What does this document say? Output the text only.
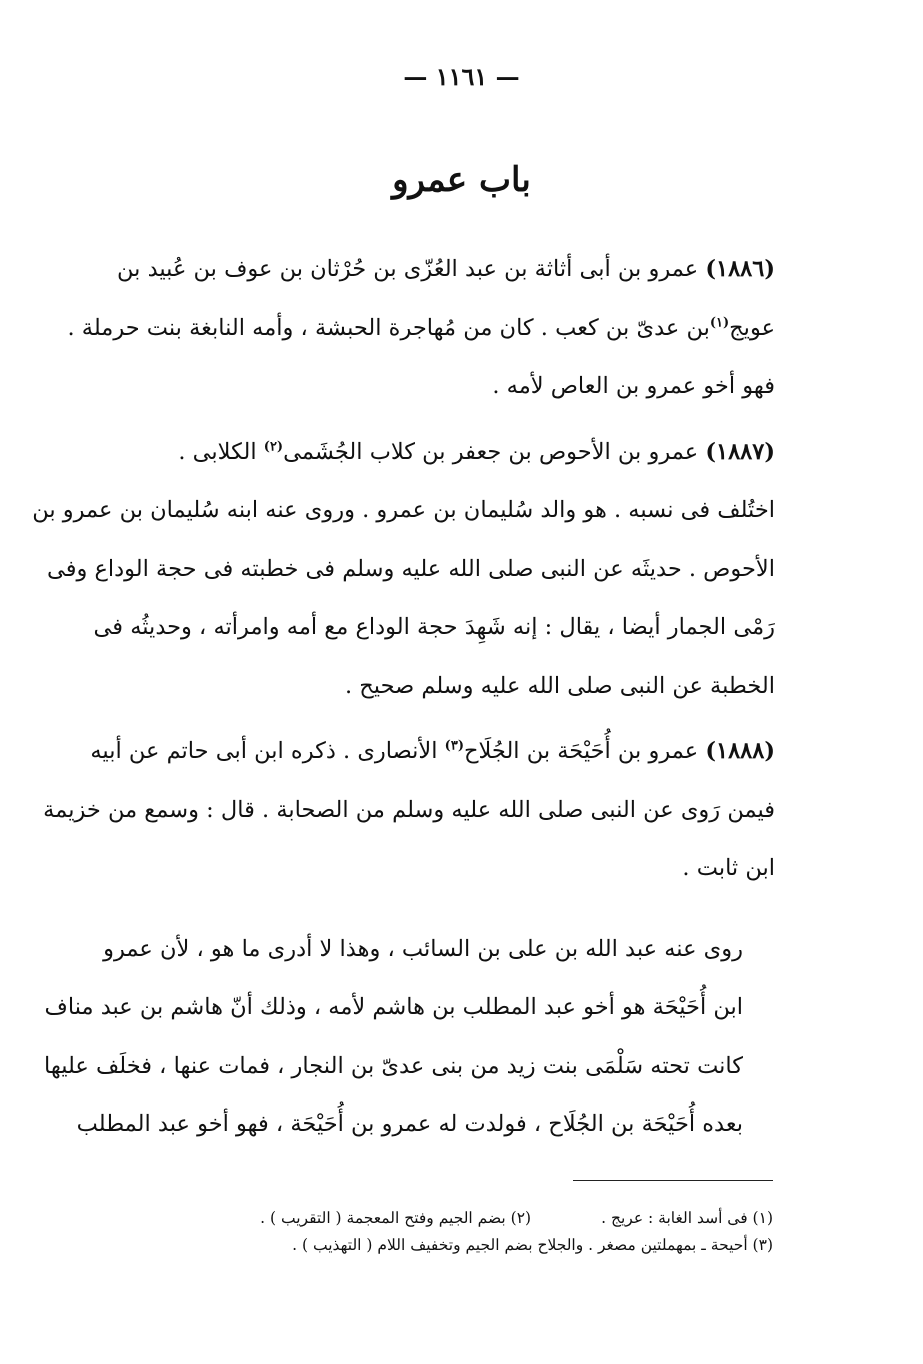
— ١١٦١ —
باب عمرو
(١٨٨٦) عمرو بن أبى أثاثة بن عبد العُزّى بن حُرْثان بن عوف بن عُبيد بن
عويج$^{(١)}$بن عدىّ بن كعب . كان من مُهاجرة الحبشة ، وأمه النابغة بنت حرملة .
فهو أخو عمرو بن العاص لأمه .
(١٨٨٧) عمرو بن الأحوص بن جعفر بن كلاب الجُشَمى$^{(٢)}$ الكلابى .
اختُلف فى نسبه . هو والد سُليمان بن عمرو . وروى عنه ابنه سُليمان بن عمرو بن
الأحوص . حديثَه عن النبى صلى الله عليه وسلم فى خطبته فى حجة الوداع وفى
رَمْى الجمار أيضا ، يقال : إنه شَهِدَ حجة الوداع مع أمه وامرأته ، وحديثُه فى
الخطبة عن النبى صلى الله عليه وسلم صحيح .
(١٨٨٨) عمرو بن أُحَيْحَة بن الجُلَاح$^{(٣)}$ الأنصارى . ذكره ابن أبى حاتم عن أبيه
فيمن رَوى عن النبى صلى الله عليه وسلم من الصحابة . قال : وسمع من خزيمة
ابن ثابت .
روى عنه عبد الله بن على بن السائب ، وهذا لا أدرى ما هو ، لأن عمرو
ابن أُحَيْحَة هو أخو عبد المطلب بن هاشم لأمه ، وذلك أنّ هاشم بن عبد مناف
كانت تحته سَلْمَى بنت زيد من بنى عدىّ بن النجار ، فمات عنها ، فخلَف عليها
بعده أُحَيْحَة بن الجُلَاح ، فولدت له عمرو بن أُحَيْحَة ، فهو أخو عبد المطلب
(١) فى أسد الغابة : عريج .(٢) بضم الجيم وفتح المعجمة ( التقريب ) .
(٣) أحيحة ـ بمهملتين مصغر . والجلاح بضم الجيم وتخفيف اللام ( التهذيب ) .
